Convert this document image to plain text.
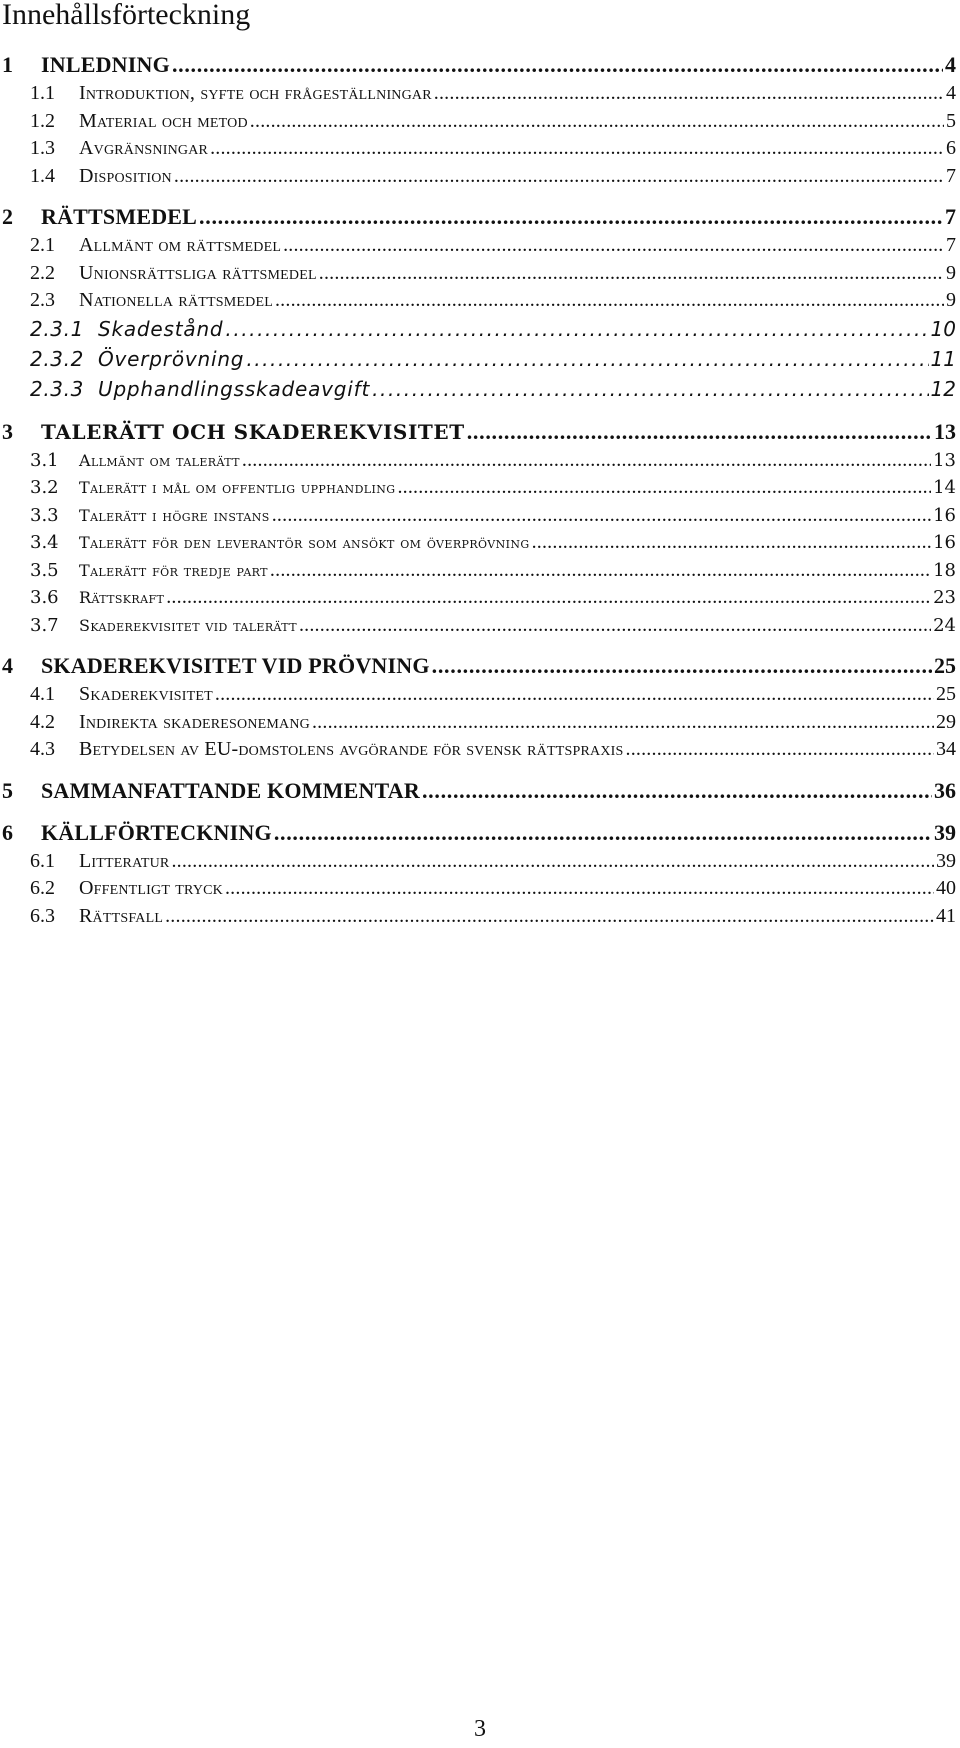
Innehållsförteckning
1	INLEDNING . . .	4
1.1	Introduktion, syfte och frågeställningar . . .	4
1.2	Material och metod . . .	5
1.3	Avgränsningar . . .	6
1.4	Disposition . . .	7
2	RÄTTSMEDEL . . .	7
2.1	Allmänt om rättsmedel . . .	7
2.2	Unionsrättsliga rättsmedel . . .	9
2.3	Nationella rättsmedel . . .	9
2.3.1 Skadestånd . . .	10
2.3.2 Överprövning . . .	11
2.3.3 Upphandlingsskadeavgift . . .	12
3	TALERÄTT OCH SKADEREKVISITET . . .	13
3.1	Allmänt om talerätt . . .	13
3.2	Talerätt i mål om offentlig upphandling . . .	14
3.3	Talerätt i högre instans . . .	16
3.4	Talerätt för den leverantör som ansökt om överprövning . . .	16
3.5	Talerätt för tredje part . . .	18
3.6	Rättskraft . . .	23
3.7	Skaderekvisitet vid talerätt . . .	24
4	SKADEREKVISITET VID PRÖVNING . . .	25
4.1	Skaderekvisitet . . .	25
4.2	Indirekta skaderesonemang . . .	29
4.3	Betydelsen av EU-domstolens avgörande för svensk rättspraxis . . .	34
5	SAMMANFATTANDE KOMMENTAR . . .	36
6	KÄLLFÖRTECKNING . . .	39
6.1	Litteratur . . .	39
6.2	Offentligt tryck . . .	40
6.3	Rättsfall . . .	41
3
